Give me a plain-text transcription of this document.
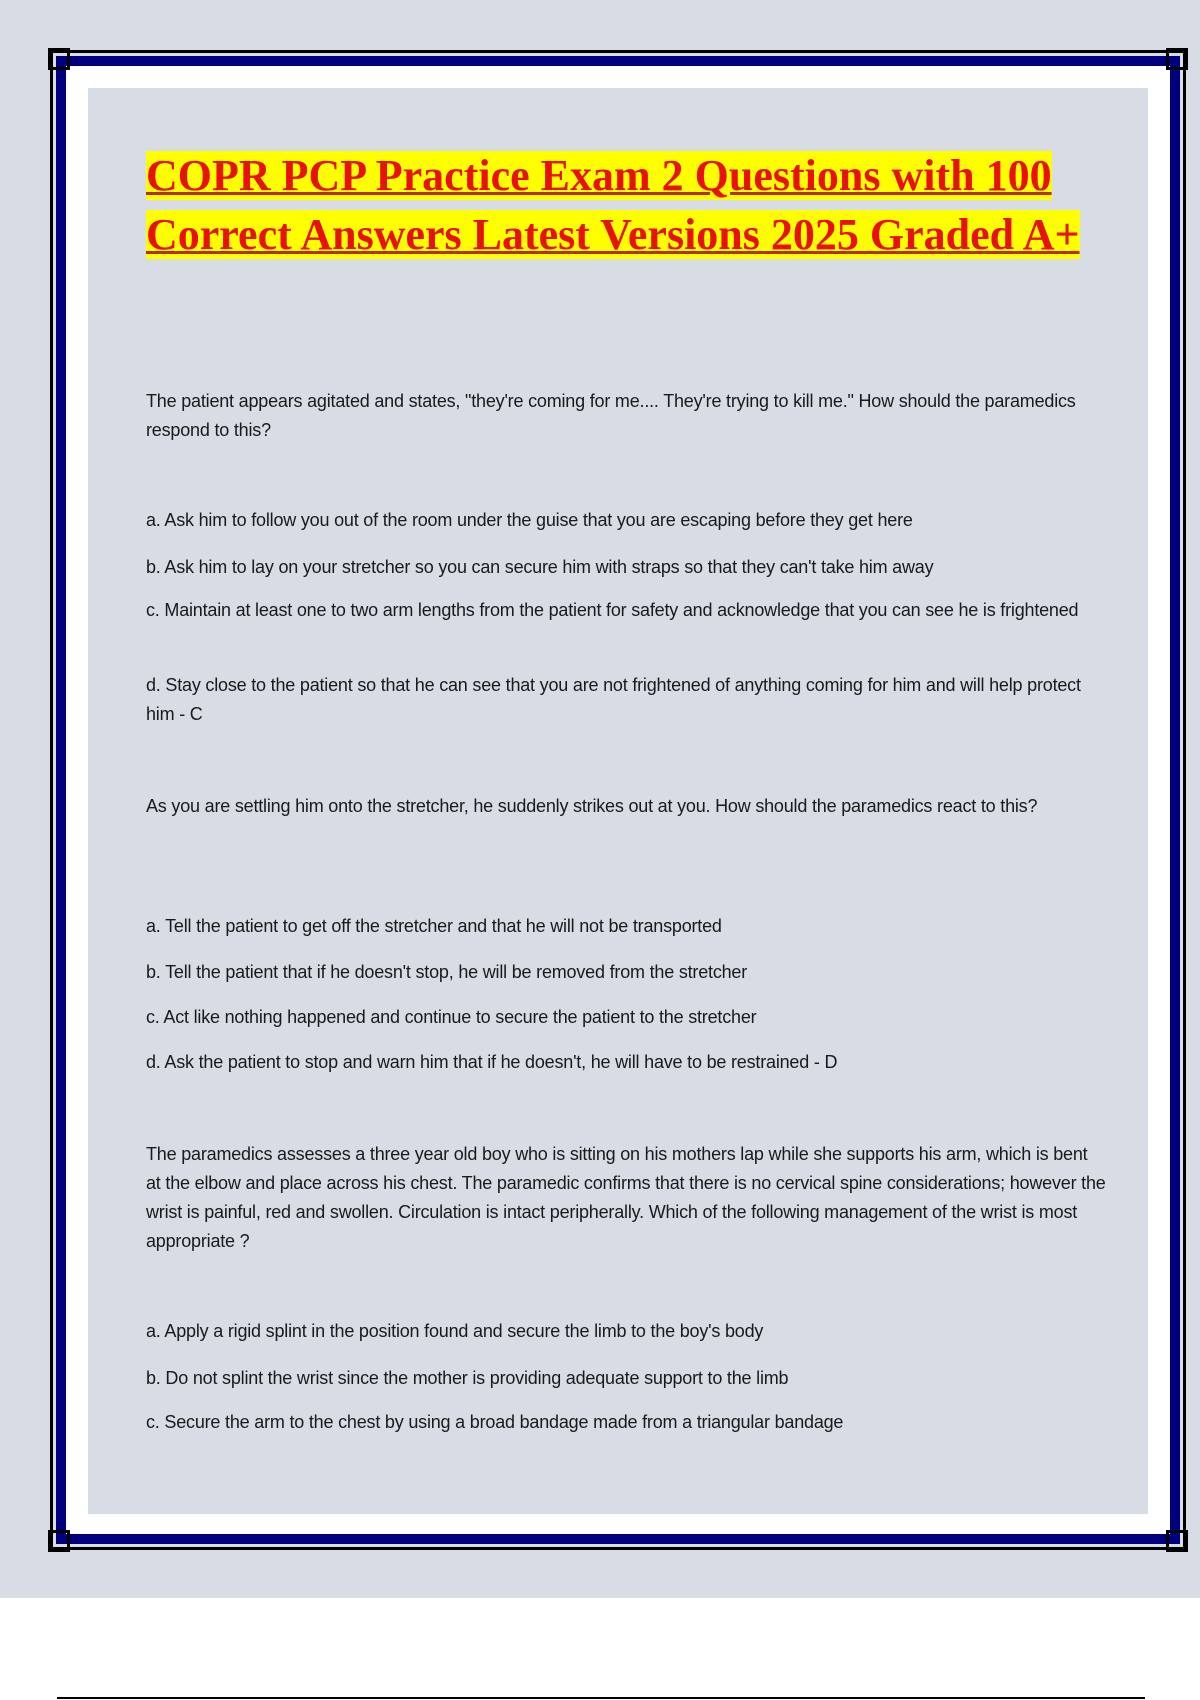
COPR PCP Practice Exam 2 Questions with 100 Correct Answers Latest Versions 2025 Graded A+
The patient appears agitated and states, "they're coming for me.... They're trying to kill me." How should the paramedics respond to this?
a. Ask him to follow you out of the room under the guise that you are escaping before they get here
b. Ask him to lay on your stretcher so you can secure him with straps so that they can't take him away
c. Maintain at least one to two arm lengths from the patient for safety and acknowledge that you can see he is frightened
d. Stay close to the patient so that he can see that you are not frightened of anything coming for him and will help protect him - C
As you are settling him onto the stretcher, he suddenly strikes out at you. How should the paramedics react to this?
a. Tell the patient to get off the stretcher and that he will not be transported
b. Tell the patient that if he doesn't stop, he will be removed from the stretcher
c. Act like nothing happened and continue to secure the patient to the stretcher
d. Ask the patient to stop and warn him that if he doesn't, he will have to be restrained - D
The paramedics assesses a three year old boy who is sitting on his mothers lap while she supports his arm, which is bent at the elbow and place across his chest. The paramedic confirms that there is no cervical spine considerations; however the wrist is painful, red and swollen. Circulation is intact peripherally. Which of the following management of the wrist is most appropriate ?
a. Apply a rigid splint in the position found and secure the limb to the boy's body
b. Do not splint the wrist since the mother is providing adequate support to the limb
c. Secure the arm to the chest by using a broad bandage made from a triangular bandage
